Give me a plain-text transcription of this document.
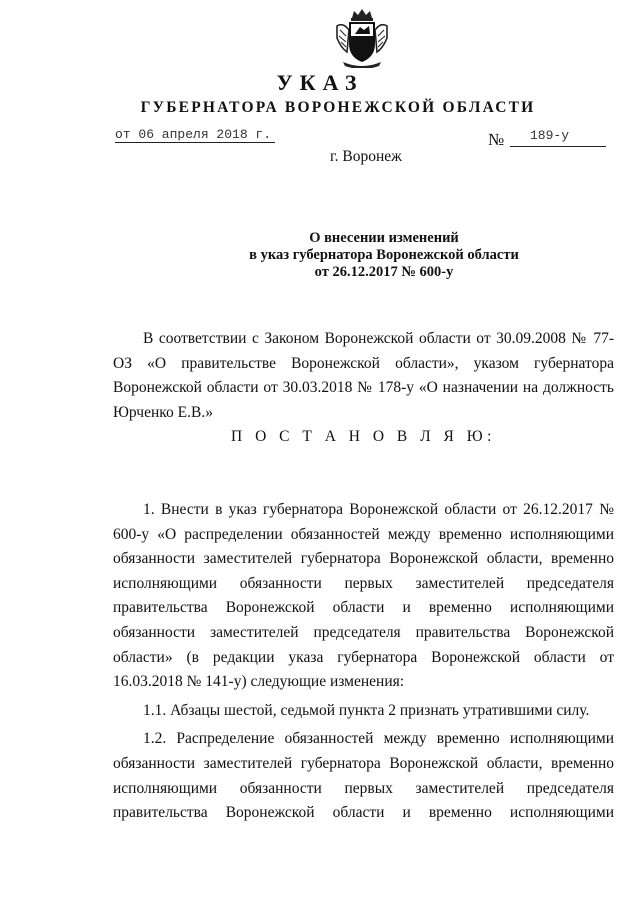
УКАЗ
ГУБЕРНАТОРА ВОРОНЕЖСКОЙ ОБЛАСТИ
от 06 апреля 2018 г.	№	189-у
г. Воронеж
О внесении изменений
в указ губернатора Воронежской области
от 26.12.2017 № 600-у

В соответствии с Законом Воронежской области от 30.09.2008 № 77-ОЗ «О правительстве Воронежской области», указом губернатора Воронежской области от 30.03.2018 № 178-у «О назначении на должность Юрченко Е.В.»

П О С Т А Н О В Л Я Ю:

1. Внести в указ губернатора Воронежской области от 26.12.2017 № 600-у «О распределении обязанностей между временно исполняющими обязанности заместителей губернатора Воронежской области, временно исполняющими обязанности первых заместителей председателя правительства Воронежской области и временно исполняющими обязанности заместителей председателя правительства Воронежской области» (в редакции указа губернатора Воронежской области от 16.03.2018 № 141-у) следующие изменения:

1.1. Абзацы шестой, седьмой пункта 2 признать утратившими силу.

1.2. Распределение обязанностей между временно исполняющими обязанности заместителей губернатора Воронежской области, временно исполняющими обязанности первых заместителей председателя правительства Воронежской области и временно исполняющими
